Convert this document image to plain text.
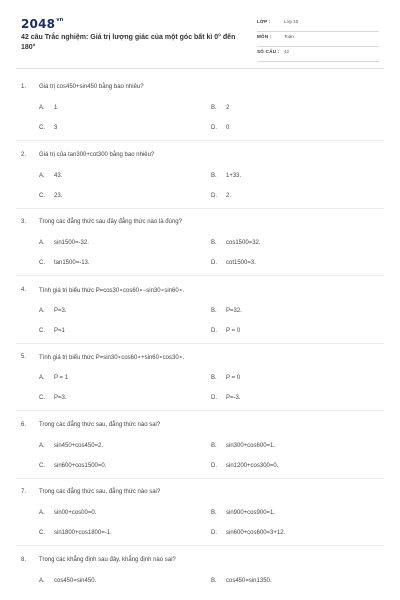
$2048^{vn}$
42 câu Trắc nghiệm: Giá trị lượng giác của một góc bất kì 0° đến 180°
LỚP :	Lớp 10
MÔN :	Toán
SỐ CÂU : 42
1. Giá trị cos450+sin450 bằng bao nhiêu?
A. 1	B. 2
C. 3	D. 0
2. Giá trị của tan300+cot300 bằng bao nhiêu?
A. 43.	B. 1+33.
C. 23.	D. 2.
3. Trong các đẳng thức sau đây đẳng thức nào là đúng?
A. sin1500=-32.	B. cos1500=32.
C. tan1500=-13.	D. cot1500=3.
4. Tính giá trị biểu thức P=cos30∘cos60∘−sin30∘sin60∘.
A. P=3.	B. P=32.
C. P=1	D. P = 0
5. Tính giá trị biểu thức P=sin30∘cos60∘+sin60∘cos30∘.
A. P = 1	B. P = 0
C. P=3.	D. P=-3.
6. Trong các đẳng thức sau, đẳng thức nào sai?
A. sin450+cos450=2.	B. sin300+cos600=1.
C. sin600+cos1500=0.	D. sin1200+cos300=0.
7. Trong các đẳng thức sau, đẳng thức nào sai?
A. sin00+cos00=0.	B. sin900+cos900=1.
C. sin1800+cos1800=-1.	D. sin600+cos600=3+12.
8. Trong các khẳng định sau đây, khẳng định nào sai?
A. cos450=sin450.	B. cos450=sin1350.
